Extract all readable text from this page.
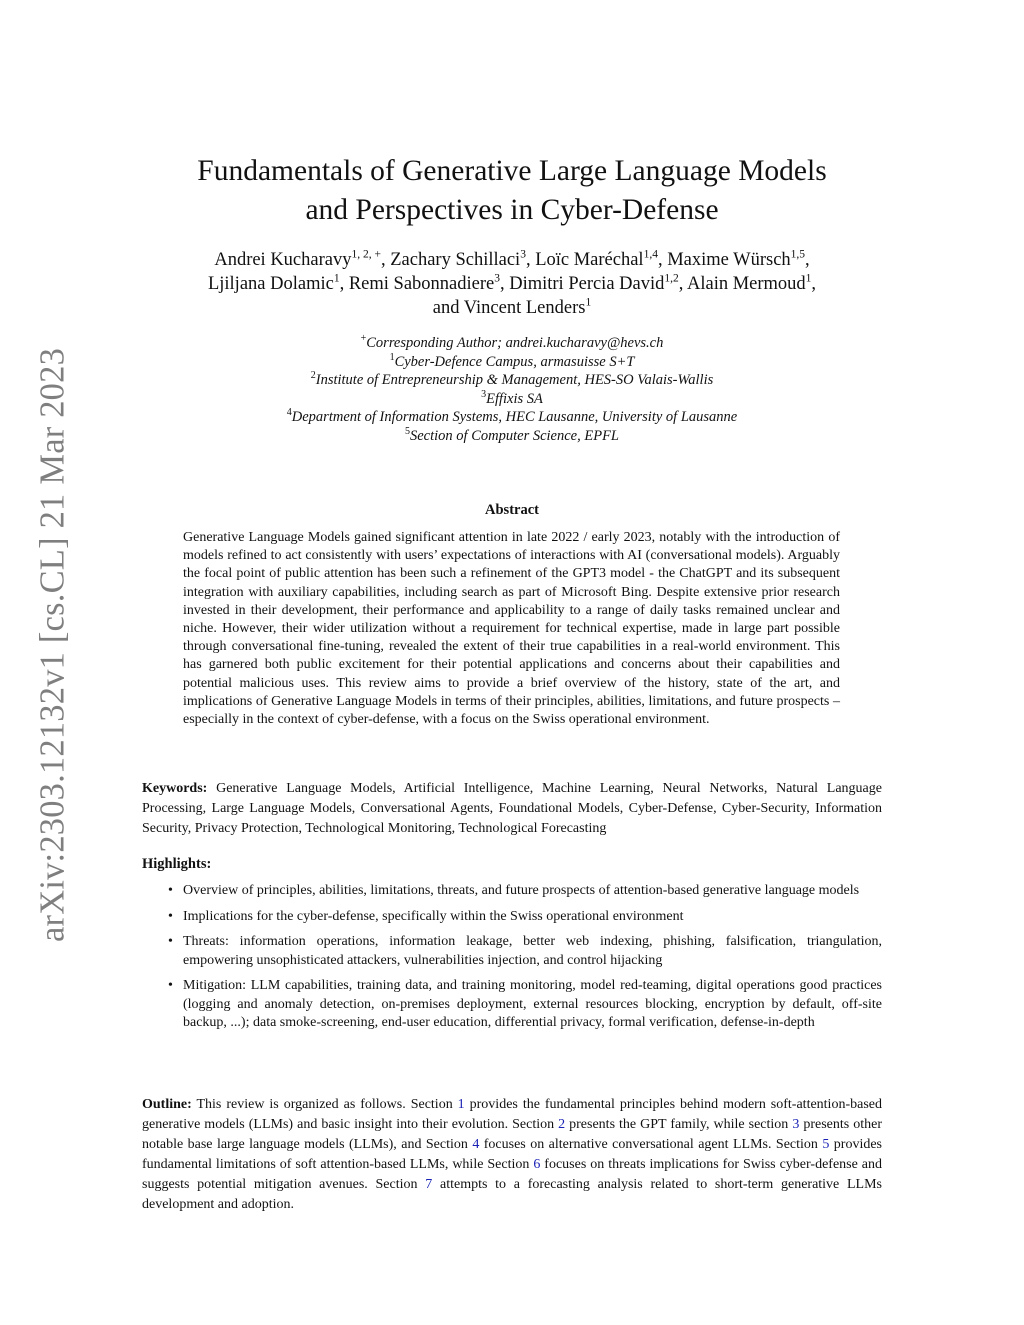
arXiv:2303.12132v1 [cs.CL] 21 Mar 2023
Fundamentals of Generative Large Language Models
and Perspectives in Cyber-Defense

Andrei Kucharavy$^{1, 2, +}$, Zachary Schillaci$^3$, Loïc Maréchal$^{1,4}$, Maxime Würsch$^{1,5}$,
Ljiljana Dolamic$^1$, Remi Sabonnadiere$^3$, Dimitri Percia David$^{1,2}$, Alain Mermoud$^1$,
and Vincent Lenders$^1$

+Corresponding Author; andrei.kucharavy@hevs.ch
$^1$Cyber-Defence Campus, armasuisse S+T
$^2$Institute of Entrepreneurship & Management, HES-SO Valais-Wallis
$^3$Effixis SA
$^4$Department of Information Systems, HEC Lausanne, University of Lausanne
$^5$Section of Computer Science, EPFL
Abstract

Generative Language Models gained significant attention in late 2022 / early 2023, notably with the introduction of models refined to act consistently with users’ expectations of interactions with AI (conversational models). Arguably the focal point of public attention has been such a refinement of the GPT3 model - the ChatGPT and its subsequent integration with auxiliary capabilities, including search as part of Microsoft Bing. Despite extensive prior research invested in their development, their performance and applicability to a range of daily tasks remained unclear and niche. However, their wider utilization without a requirement for technical expertise, made in large part possible through conversational fine-tuning, revealed the extent of their true capabilities in a real-world environment. This has garnered both public excitement for their potential applications and concerns about their capabilities and potential malicious uses. This review aims to provide a brief overview of the history, state of the art, and implications of Generative Language Models in terms of their principles, abilities, limitations, and future prospects – especially in the context of cyber-defense, with a focus on the Swiss operational environment.

Keywords: Generative Language Models, Artificial Intelligence, Machine Learning, Neural Networks, Natural Language Processing, Large Language Models, Conversational Agents, Foundational Models, Cyber-Defense, Cyber-Security, Information Security, Privacy Protection, Technological Monitoring, Technological Forecasting

Highlights:
• Overview of principles, abilities, limitations, threats, and future prospects of attention-based generative language models
• Implications for the cyber-defense, specifically within the Swiss operational environment
• Threats: information operations, information leakage, better web indexing, phishing, falsification, triangulation, empowering unsophisticated attackers, vulnerabilities injection, and control hijacking
• Mitigation: LLM capabilities, training data, and training monitoring, model red-teaming, digital operations good practices (logging and anomaly detection, on-premises deployment, external resources blocking, encryption by default, off-site backup, ...); data smoke-screening, end-user education, differential privacy, formal verification, defense-in-depth

Outline: This review is organized as follows. Section 1 provides the fundamental principles behind modern soft-attention-based generative models (LLMs) and basic insight into their evolution. Section 2 presents the GPT family, while section 3 presents other notable base large language models (LLMs), and Section 4 focuses on alternative conversational agent LLMs. Section 5 provides fundamental limitations of soft attention-based LLMs, while Section 6 focuses on threats implications for Swiss cyber-defense and suggests potential mitigation avenues. Section 7 attempts to a forecasting analysis related to short-term generative LLMs development and adoption.
